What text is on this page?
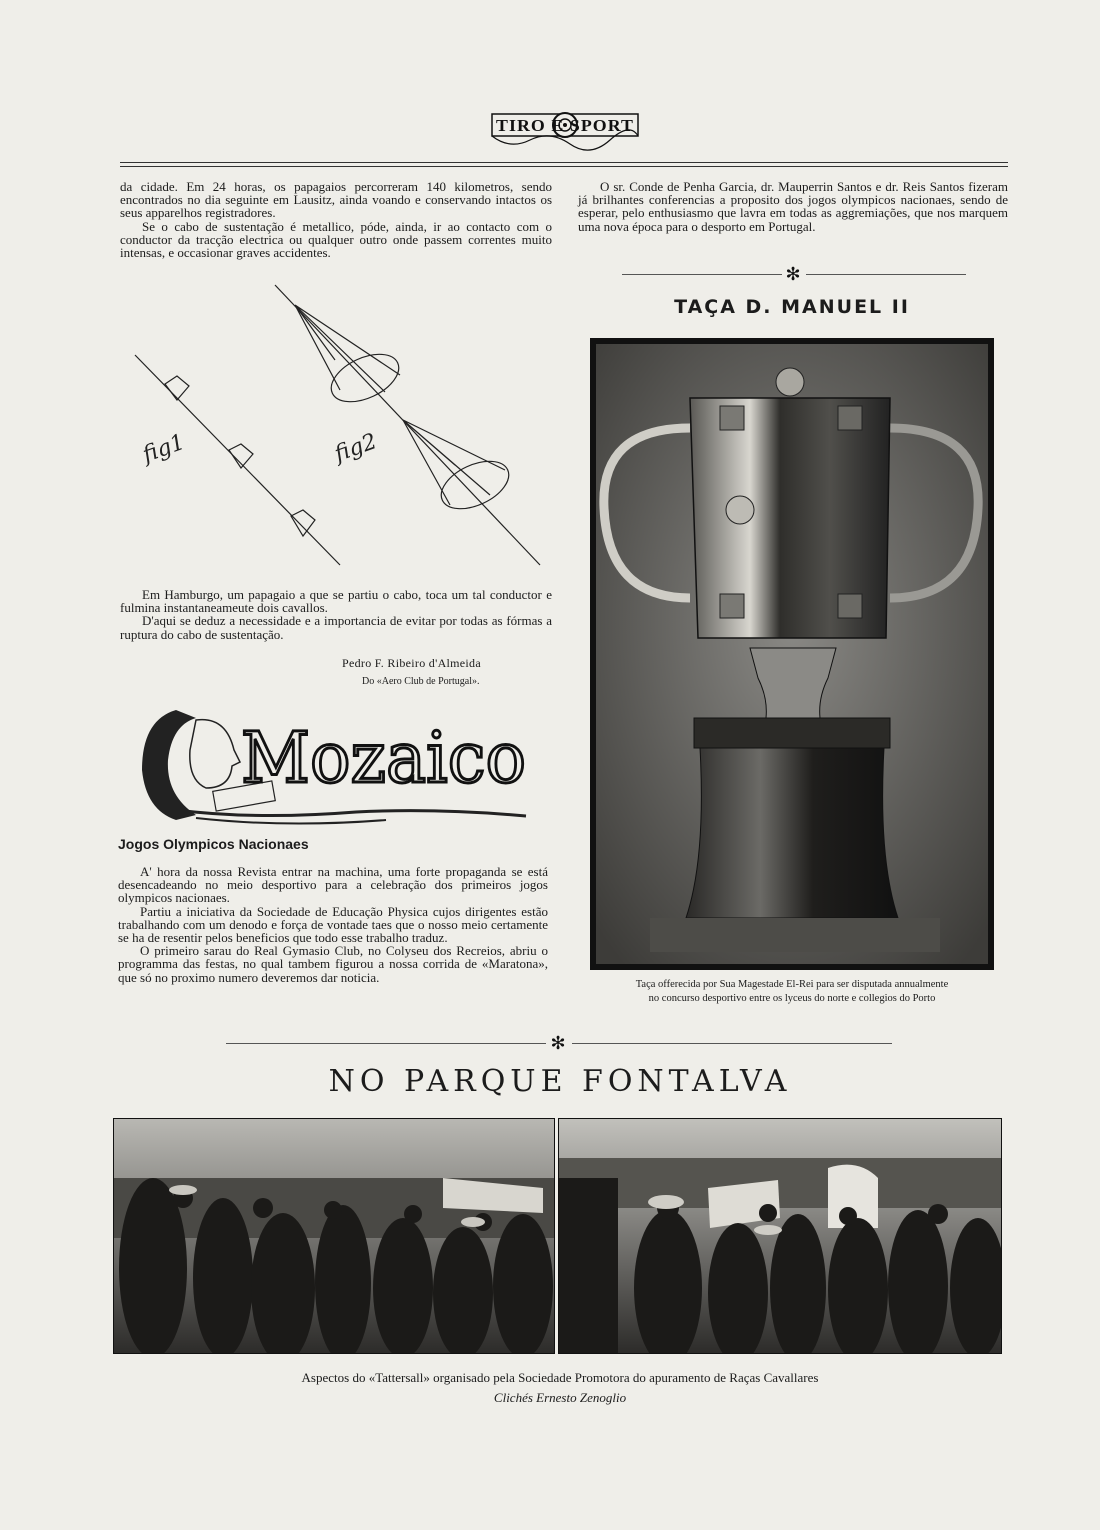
TIRO E SPORT

da cidade. Em 24 horas, os papagaios percorreram 140 kilometros, sendo encontrados no dia seguinte em Lausitz, ainda voando e conservando intactos os seus apparelhos registradores.

Se o cabo de sustentação é metallico, póde, ainda, ir ao contacto com o conductor da tracção electrica ou qualquer outro onde passem correntes muito intensas, e occasionar graves accidentes.

fig1	fig2

Em Hamburgo, um papagaio a que se partiu o cabo, toca um tal conductor e fulmina instantaneameute dois cavallos.

D'aqui se deduz a necessidade e a importancia de evitar por todas as fórmas a ruptura do cabo de sustentação.

Pedro F. Ribeiro d'Almeida
Do «Aero Club de Portugal».
Mozaico
Jogos Olympicos Nacionaes

A' hora da nossa Revista entrar na machina, uma forte propaganda se está desencadeando no meio desportivo para a celebração dos primeiros jogos olympicos nacionaes.

Partiu a iniciativa da Sociedade de Educação Physica cujos dirigentes estão trabalhando com um denodo e força de vontade taes que o nosso meio certamente se ha de resentir pelos beneficios que todo esse trabalho traduz.

O primeiro sarau do Real Gymasio Club, no Colyseu dos Recreios, abriu o programma das festas, no qual tambem figurou a nossa corrida de «Maratona», que só no proximo numero deveremos dar noticia.

O sr. Conde de Penha Garcia, dr. Mauperrin Santos e dr. Reis Santos fizeram já brilhantes conferencias a proposito dos jogos olympicos nacionaes, sendo de esperar, pelo enthusiasmo que lavra em todas as aggremiações, que nos marquem uma nova época para o desporto em Portugal.

✻
TAÇA D. MANUEL II
Taça offerecida por Sua Magestade El-Rei para ser disputada annualmente
no concurso desportivo entre os lyceus do norte e collegios do Porto
✻
NO PARQUE FONTALVA
Aspectos do «Tattersall» organisado pela Sociedade Promotora do apuramento de Raças Cavallares
Clichés Ernesto Zenoglio
